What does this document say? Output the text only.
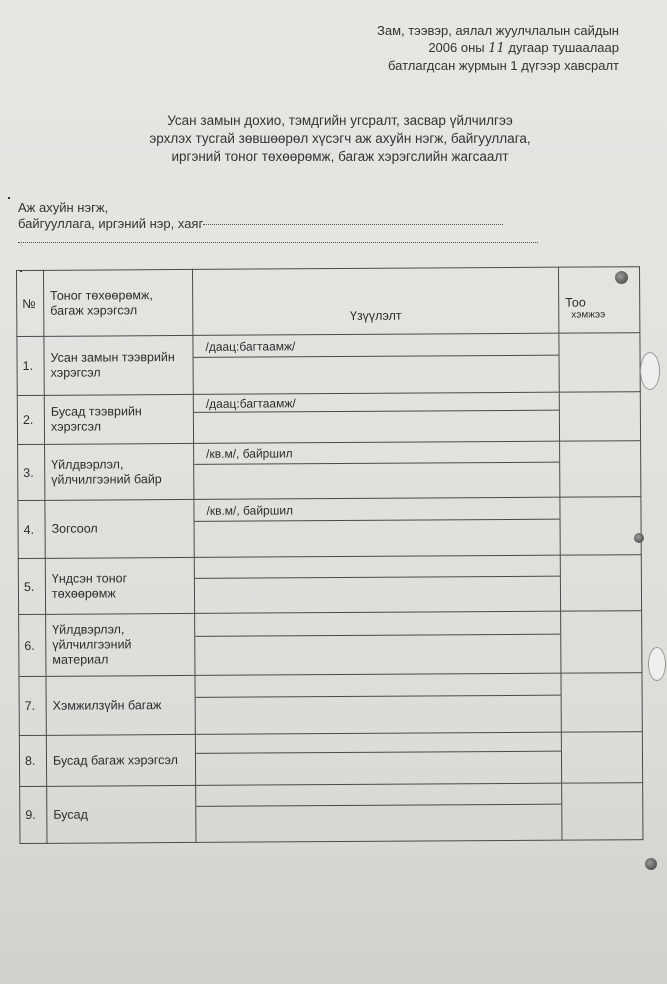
Зам, тээвэр, аялал жуулчлалын сайдын
2006 оны 11 дугаар тушаалаар
батлагдсан журмын 1 дүгээр хавсралт
Усан замын дохио, тэмдгийн угсралт, засвар үйлчилгээ
эрхлэх тусгай зөвшөөрөл хүсэгч аж ахуйн нэгж, байгууллага,
иргэний тоног төхөөрөмж, багаж хэрэгслийн жагсаалт
Аж ахуйн нэгж,
байгууллага, иргэний нэр, хаяг
№	Тоног төхөөрөмж, багаж хэрэгсэл	Үзүүлэлт	Тоо
хэмжээ

1.	Усан замын тээврийн хэрэгсэл	/даац:багтаамж/	

2.	Бусад тээврийн хэрэгсэл	/даац:багтаамж/	

3.	Үйлдвэрлэл, үйлчилгээний байр	/кв.м/, байршил	

4.	Зогсоол	/кв.м/, байршил	

5.	Үндсэн тоног төхөөрөмж		

6.	Үйлдвэрлэл, үйлчилгээний материал		

7.	Хэмжилзүйн багаж		

8.	Бусад багаж хэрэгсэл		

9.	Бусад		
